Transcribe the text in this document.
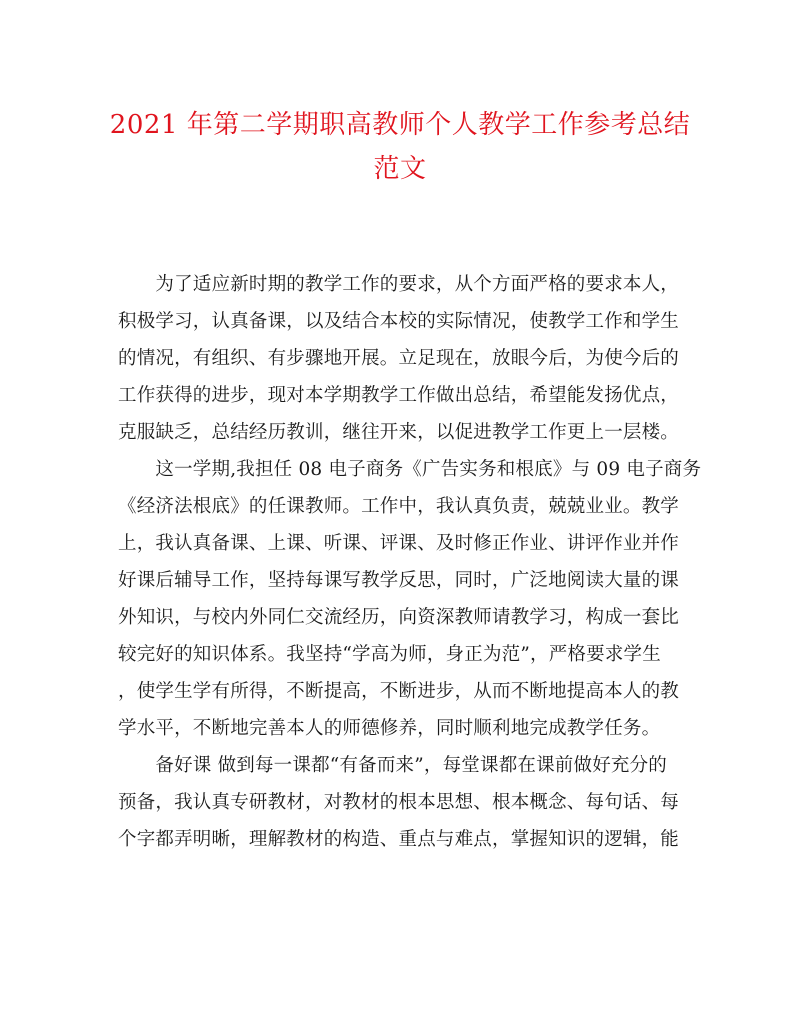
2021 年第二学期职高教师个人教学工作参考总结
范文
　　为了适应新时期的教学工作的要求，从个方面严格的要求本人，
积极学习，认真备课，以及结合本校的实际情况，使教学工作和学生
的情况，有组织、有步骤地开展。立足现在，放眼今后，为使今后的
工作获得的进步，现对本学期教学工作做出总结，希望能发扬优点，
克服缺乏，总结经历教训，继往开来，以促进教学工作更上一层楼。
　　这一学期,我担任 08 电子商务《广告实务和根底》与 09 电子商务
《经济法根底》的任课教师。工作中，我认真负责，兢兢业业。教学
上，我认真备课、上课、听课、评课、及时修正作业、讲评作业并作
好课后辅导工作，坚持每课写教学反思，同时，广泛地阅读大量的课
外知识，与校内外同仁交流经历，向资深教师请教学习，构成一套比
较完好的知识体系。我坚持“学高为师，身正为范”，严格要求学生
，使学生学有所得，不断提高，不断进步，从而不断地提高本人的教
学水平，不断地完善本人的师德修养，同时顺利地完成教学任务。
　　备好课 做到每一课都“有备而来”，每堂课都在课前做好充分的
预备，我认真专研教材，对教材的根本思想、根本概念、每句话、每
个字都弄明晰，理解教材的构造、重点与难点，掌握知识的逻辑，能
